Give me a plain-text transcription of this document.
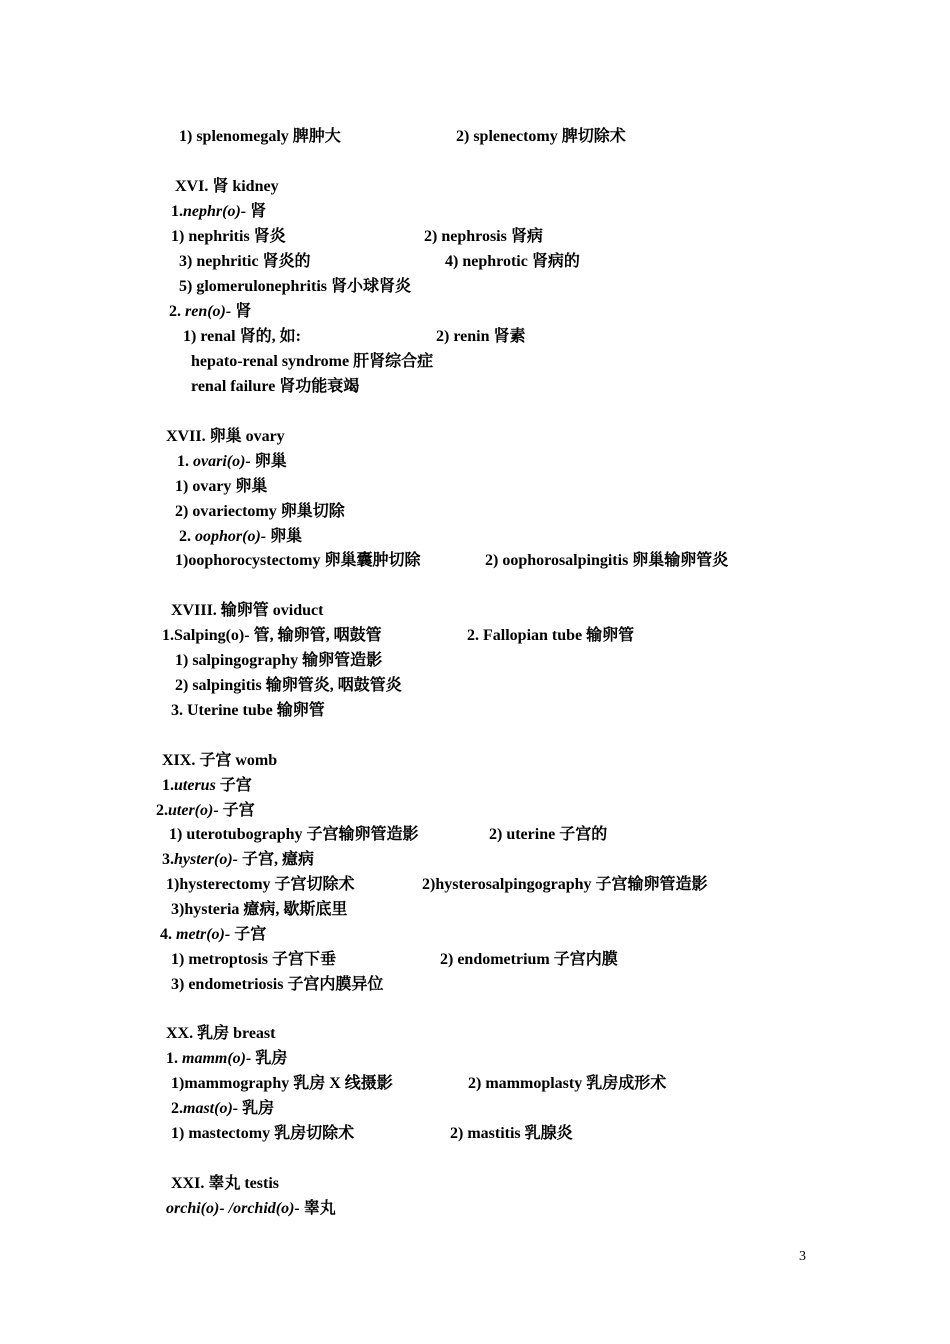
1) splenomegaly 脾肿大	2) splenectomy 脾切除术
XVI. 肾 kidney
1.nephr(o)- 肾
1) nephritis 肾炎	2) nephrosis 肾病
3) nephritic 肾炎的	4) nephrotic 肾病的
5) glomerulonephritis 肾小球肾炎
2. ren(o)- 肾
1) renal 肾的, 如:	2) renin 肾素
hepato-renal syndrome 肝肾综合症
renal failure 肾功能衰竭
XVII. 卵巢 ovary
1. ovari(o)- 卵巢
1) ovary 卵巢
2) ovariectomy 卵巢切除
2. oophor(o)- 卵巢
1)oophorocystectomy 卵巢囊肿切除	2) oophorosalpingitis 卵巢输卵管炎
XVIII. 输卵管 oviduct
1.Salping(o)- 管, 输卵管, 咽鼓管	2. Fallopian tube 输卵管
1) salpingography 输卵管造影
2) salpingitis 输卵管炎, 咽鼓管炎
3. Uterine tube 输卵管
XIX. 子宫 womb
1.uterus 子宫
2.uter(o)- 子宫
1) uterotubography 子宫输卵管造影	2) uterine 子宫的
3.hyster(o)- 子宫, 癔病
1)hysterectomy 子宫切除术	2)hysterosalpingography 子宫输卵管造影
3)hysteria 癔病, 歇斯底里
4. metr(o)- 子宫
1) metroptosis 子宫下垂	2) endometrium 子宫内膜
3) endometriosis 子宫内膜异位
XX. 乳房 breast
1. mamm(o)- 乳房
1)mammography 乳房 X 线摄影	2) mammoplasty 乳房成形术
2.mast(o)- 乳房
1) mastectomy 乳房切除术	2) mastitis 乳腺炎
XXI. 睾丸 testis
orchi(o)- /orchid(o)- 睾丸
3
